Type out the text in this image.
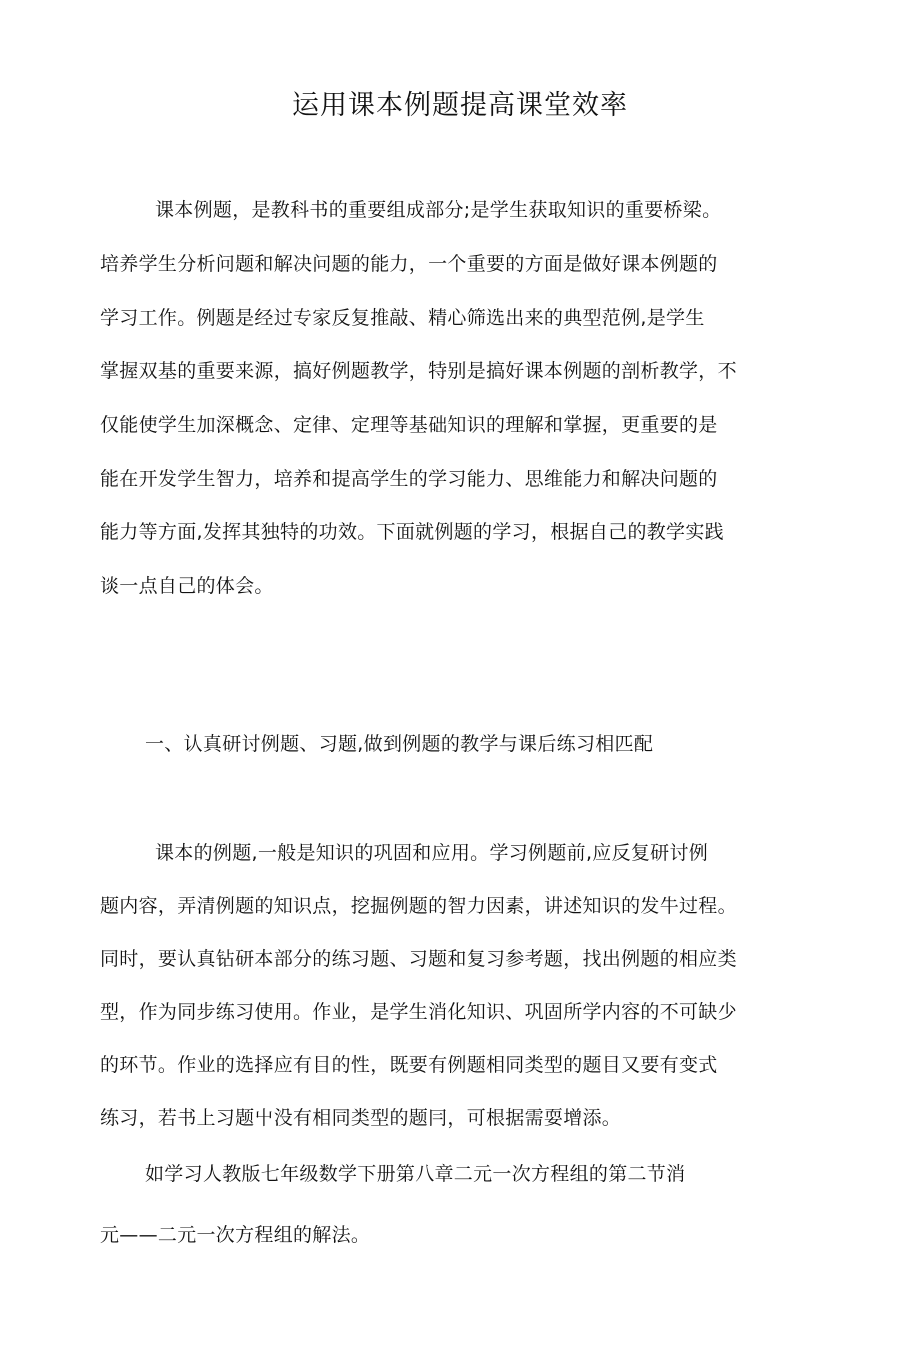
运用课本例题提高课堂效率
课本例题，是教科书的重要组成部分;是学生获取知识的重要桥梁。
培养学生分析问题和解决问题的能力，一个重要的方面是做好课本例题的
学习工作。例题是经过专家反复推敲、精心筛选出来的典型范例,是学生
掌握双基的重要来源，搞好例题教学，特别是搞好课本例题的剖析教学，不
仅能使学生加深概念、定律、定理等基础知识的理解和掌握，更重要的是
能在开发学生智力，培养和提高学生的学习能力、思维能力和解决问题的
能力等方面,发挥其独特的功效。下面就例题的学习，根据自己的教学实践
谈一点自己的体会。
一、认真研讨例题、习题,做到例题的教学与课后练习相匹配
课本的例题,一般是知识的巩固和应用。学习例题前,应反复研讨例
题内容，弄清例题的知识点，挖掘例题的智力因素，讲述知识的发牛过程。
同时，要认真钻研本部分的练习题、习题和复习参考题，找出例题的相应类
型，作为同步练习使用。作业，是学生消化知识、巩固所学内容的不可缺少
的环节。作业的选择应有目的性，既要有例题相同类型的题目又要有变式
练习，若书上习题屮没有相同类型的题冃，可根据需耍增添。
如学习人教版七年级数学下册第八章二元一次方程组的第二节消
元——二元一次方程组的解法。
